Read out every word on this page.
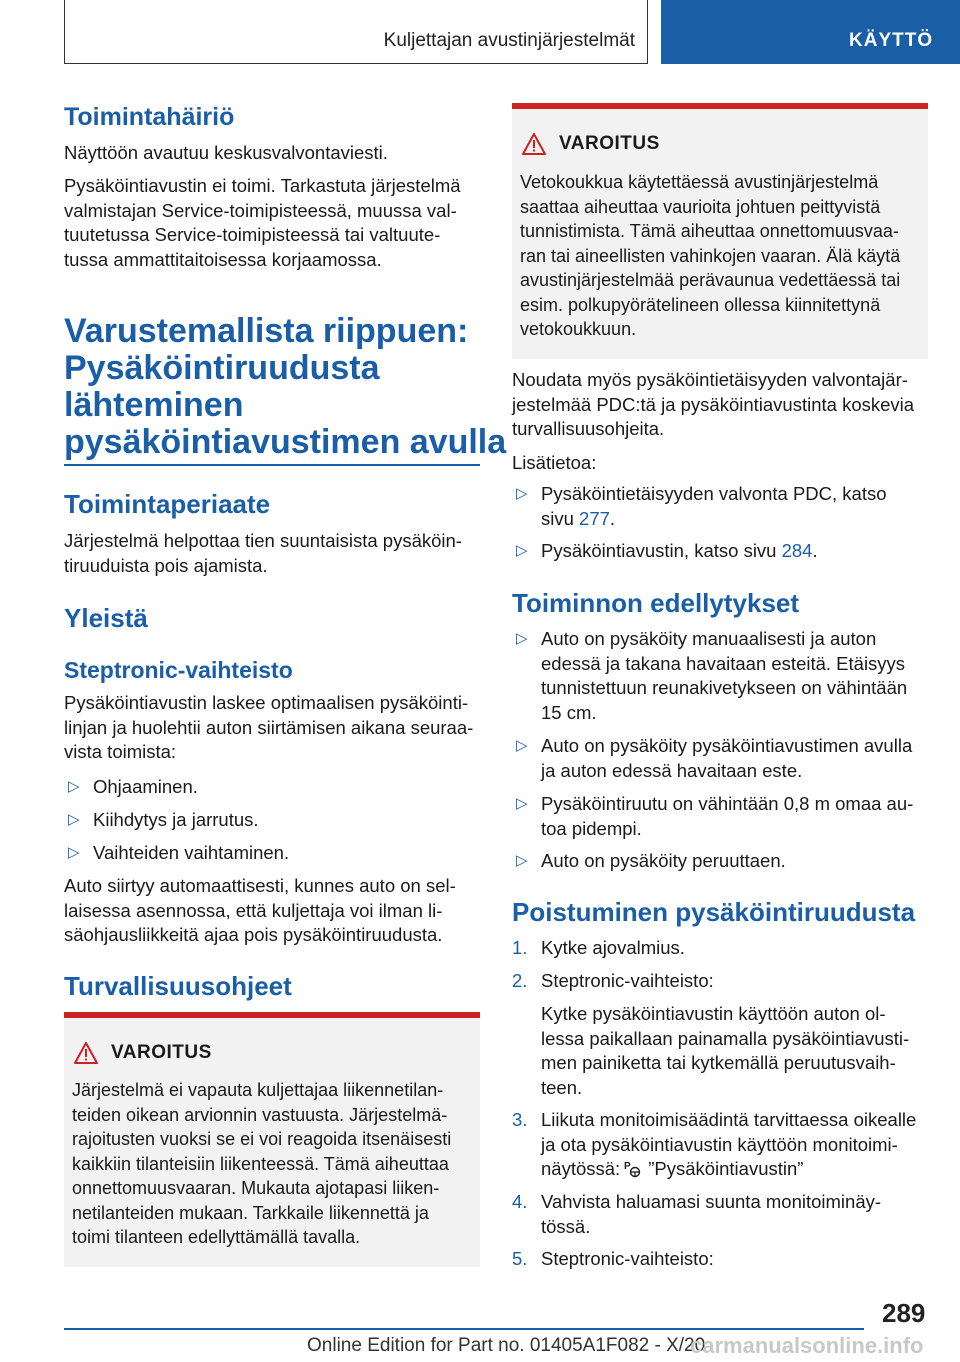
Kuljettajan avustinjärjestelmät	KÄYTTÖ
Toimintahäiriö
Näyttöön avautuu keskusvalvontaviesti.
Pysäköintiavustin ei toimi. Tarkastuta järjestelmä
valmistajan Service-toimipisteessä, muussa val-
tuutetussa Service-toimipisteessä tai valtuute-
tussa ammattitaitoisessa korjaamossa.
Varustemallista riippuen:
Pysäköintiruudusta
lähteminen
pysäköintiavustimen avulla
Toimintaperiaate
Järjestelmä helpottaa tien suuntaisista pysäköin-
tiruuduista pois ajamista.
Yleistä
Steptronic-vaihteisto
Pysäköintiavustin laskee optimaalisen pysäköinti-
linjan ja huolehtii auton siirtämisen aikana seuraa-
vista toimista:
▷ Ohjaaminen.
▷ Kiihdytys ja jarrutus.
▷ Vaihteiden vaihtaminen.
Auto siirtyy automaattisesti, kunnes auto on sel-
laisessa asennossa, että kuljettaja voi ilman li-
säohjausliikkeitä ajaa pois pysäköintiruudusta.
Turvallisuusohjeet
VAROITUS
Järjestelmä ei vapauta kuljettajaa liikennetilan-
teiden oikean arvionnin vastuusta. Järjestelmä-
rajoitusten vuoksi se ei voi reagoida itsenäisesti
kaikkiin tilanteisiin liikenteessä. Tämä aiheuttaa
onnettomuusvaaran. Mukauta ajotapasi liiken-
netilanteiden mukaan. Tarkkaile liikennettä ja
toimi tilanteen edellyttämällä tavalla.
VAROITUS
Vetokoukkua käytettäessä avustinjärjestelmä
saattaa aiheuttaa vaurioita johtuen peittyvistä
tunnistimista. Tämä aiheuttaa onnettomuusvaa-
ran tai aineellisten vahinkojen vaaran. Älä käytä
avustinjärjestelmää perävaunua vedettäessä tai
esim. polkupyörätelineen ollessa kiinnitettynä
vetokoukkuun.
Noudata myös pysäköintietäisyyden valvontajär-
jestelmää PDC:tä ja pysäköintiavustinta koskevia
turvallisuusohjeita.
Lisätietoa:
▷ Pysäköintietäisyyden valvonta PDC, katso
sivu 277.
▷ Pysäköintiavustin, katso sivu 284.
Toiminnon edellytykset
▷ Auto on pysäköity manuaalisesti ja auton
edessä ja takana havaitaan esteitä. Etäisyys
tunnistettuun reunakivetykseen on vähintään
15 cm.
▷ Auto on pysäköity pysäköintiavustimen avulla
ja auton edessä havaitaan este.
▷ Pysäköintiruutu on vähintään 0,8 m omaa au-
toa pidempi.
▷ Auto on pysäköity peruuttaen.
Poistuminen pysäköintiruudusta
1. Kytke ajovalmius.
2. Steptronic-vaihteisto:
Kytke pysäköintiavustin käyttöön auton ol-
lessa paikallaan painamalla pysäköintiavusti-
men painiketta tai kytkemällä peruutusvaih-
teen.
3. Liikuta monitoimisäädintä tarvittaessa oikealle
ja ota pysäköintiavustin käyttöön monitoimi-
näytössä: P ”Pysäköintiavustin”
4. Vahvista haluamasi suunta monitoiminäy-
tössä.
5. Steptronic-vaihteisto:
289
Online Edition for Part no. 01405A1F082 - X/20
carmanualsonline.info
